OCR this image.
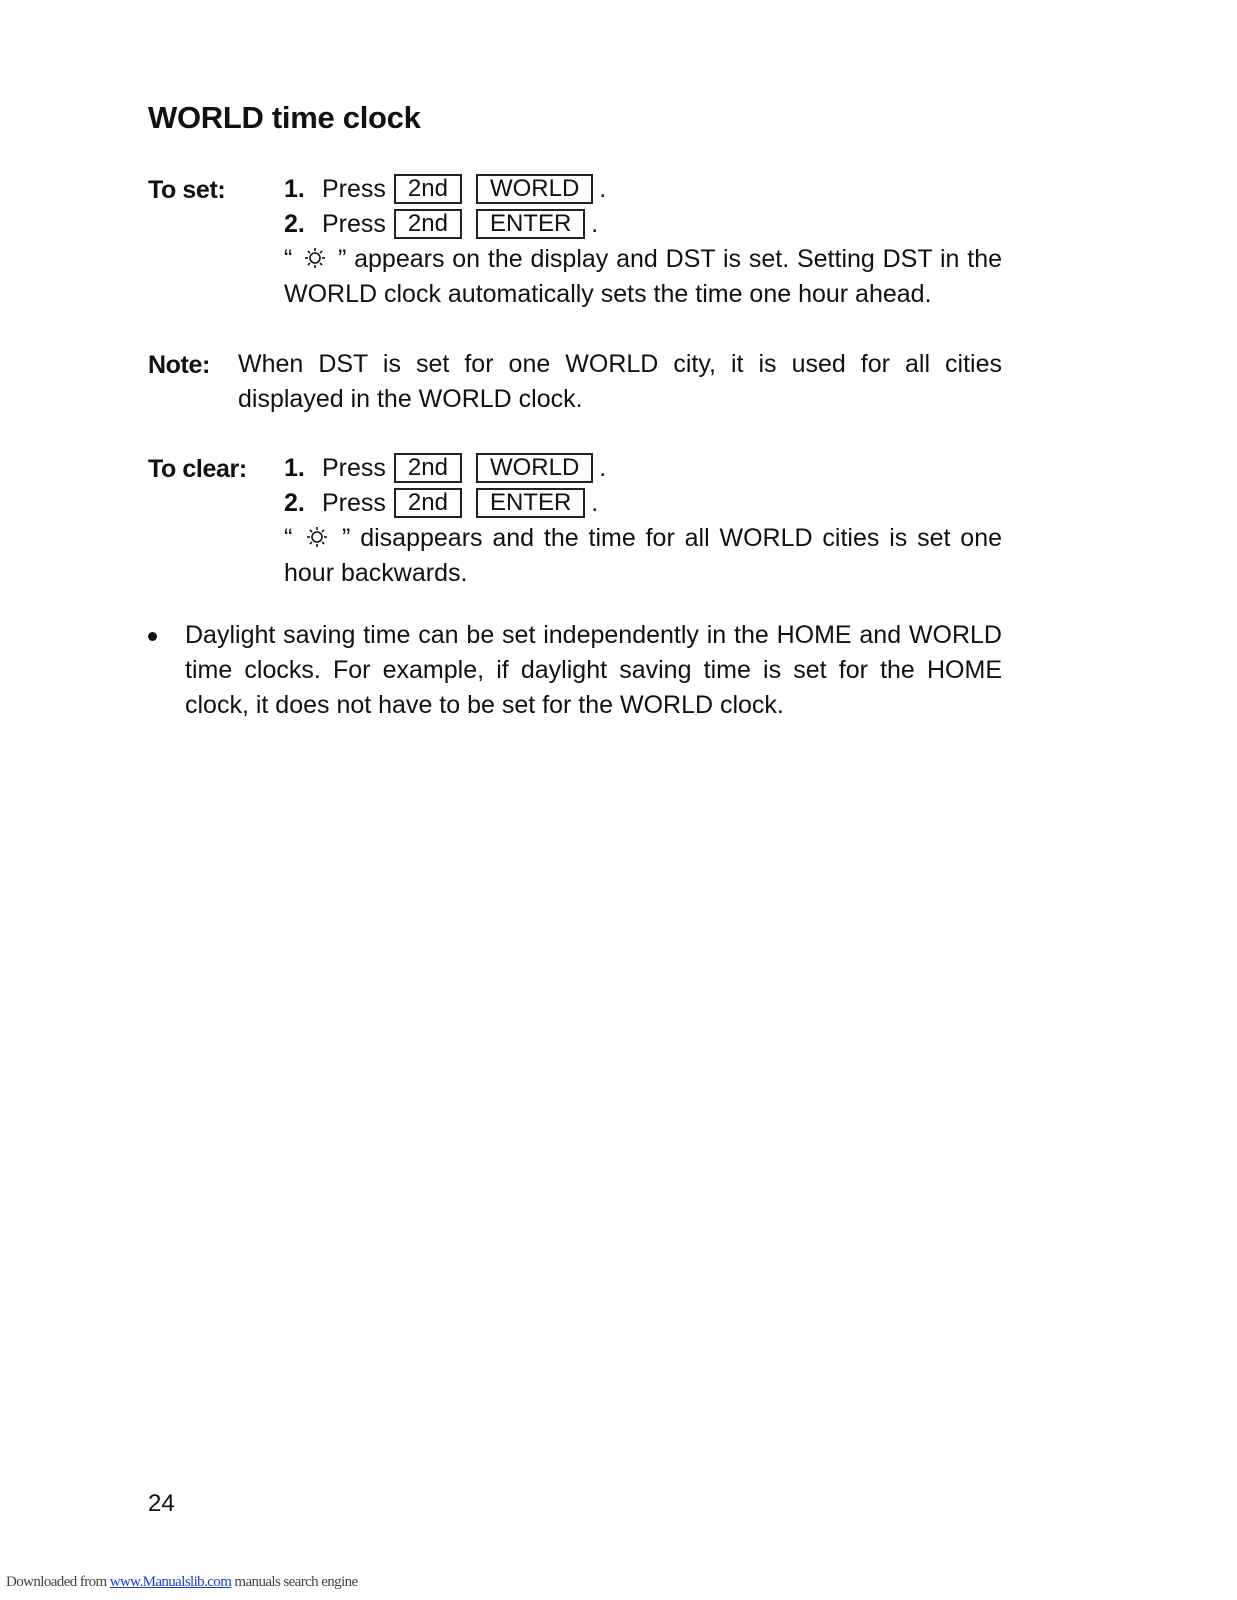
WORLD time clock
To set: 1. Press 2nd WORLD .
2. Press 2nd ENTER .

“ ” appears on the display and DST is set. Setting DST in the WORLD clock automatically sets the time one hour ahead.

Note: When DST is set for one WORLD city, it is used for all cities displayed in the WORLD clock.

To clear: 1. Press 2nd WORLD .
2. Press 2nd ENTER .

“ ” disappears and the time for all WORLD cities is set one hour backwards.

Daylight saving time can be set independently in the HOME and WORLD time clocks. For example, if daylight saving time is set for the HOME clock, it does not have to be set for the WORLD clock.

24
Downloaded from www.Manualslib.com manuals search engine
